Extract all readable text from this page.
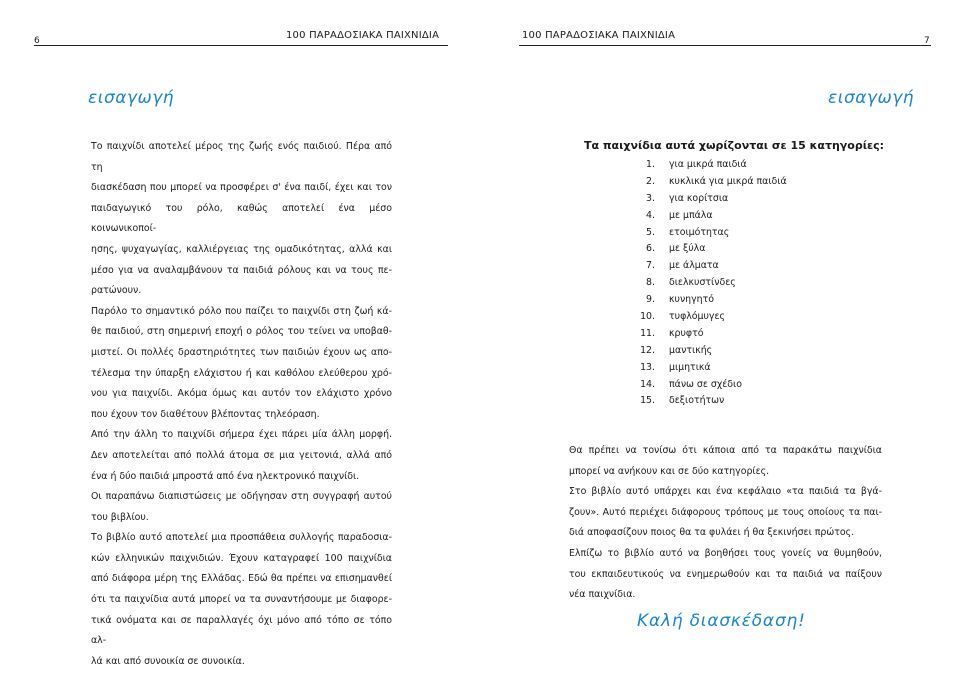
6	100 ΠΑΡΑΔΟΣΙΑΚΑ ΠΑΙΧΝΙΔΙΑ
εισαγωγή

Το παιχνίδι αποτελεί μέρος της ζωής ενός παιδιού. Πέρα από τη

διασκέδαση που μπορεί να προσφέρει σ' ένα παιδί, έχει και τον

παιδαγωγικό του ρόλο, καθώς αποτελεί ένα μέσο κοινωνικοποί-

ησης, ψυχαγωγίας, καλλιέργειας της ομαδικότητας, αλλά και

μέσο για να αναλαμβάνουν τα παιδιά ρόλους και να τους πε-

ρατώνουν.

Παρόλο το σημαντικό ρόλο που παίζει το παιχνίδι στη ζωή κά-

θε παιδιού, στη σημερινή εποχή ο ρόλος του τείνει να υποβαθ-

μιστεί. Οι πολλές δραστηριότητες των παιδιών έχουν ως απο-

τέλεσμα την ύπαρξη ελάχιστου ή και καθόλου ελεύθερου χρό-

νου για παιχνίδι. Ακόμα όμως και αυτόν τον ελάχιστο χρόνο

που έχουν τον διαθέτουν βλέποντας τηλεόραση.

Από την άλλη το παιχνίδι σήμερα έχει πάρει μία άλλη μορφή.

Δεν αποτελείται από πολλά άτομα σε μια γειτονιά, αλλά από

ένα ή δύο παιδιά μπροστά από ένα ηλεκτρονικό παιχνίδι.

Οι παραπάνω διαπιστώσεις με οδήγησαν στη συγγραφή αυτού

του βιβλίου.

Το βιβλίο αυτό αποτελεί μια προσπάθεια συλλογής παραδοσια-

κών ελληνικών παιχνιδιών. Έχουν καταγραφεί 100 παιχνίδια

από διάφορα μέρη της Ελλάδας. Εδώ θα πρέπει να επισημανθεί

ότι τα παιχνίδια αυτά μπορεί να τα συναντήσουμε με διαφορε-

τικά ονόματα και σε παραλλαγές όχι μόνο από τόπο σε τόπο αλ-

λά και από συνοικία σε συνοικία.

100 ΠΑΡΑΔΟΣΙΑΚΑ ΠΑΙΧΝΙΔΙΑ	7
εισαγωγή
Τα παιχνίδια αυτά χωρίζονται σε 15 κατηγορίες:
1. για μικρά παιδιά
2. κυκλικά για μικρά παιδιά
3. για κορίτσια
4. με μπάλα
5. ετοιμότητας
6. με ξύλα
7. με άλματα
8. διελκυστίνδες
9. κυνηγητό
10. τυφλόμυγες
11. κρυφτό
12. μαντικής
13. μιμητικά
14. πάνω σε σχέδιο
15. δεξιοτήτων

Θα πρέπει να τονίσω ότι κάποια από τα παρακάτω παιχνίδια

μπορεί να ανήκουν και σε δύο κατηγορίες.

Στο βιβλίο αυτό υπάρχει και ένα κεφάλαιο «τα παιδιά τα βγά-

ζουν». Αυτό περιέχει διάφορους τρόπους με τους οποίους τα παι-

διά αποφασίζουν ποιος θα τα φυλάει ή θα ξεκινήσει πρώτος.

Ελπίζω το βιβλίο αυτό να βοηθήσει τους γονείς να θυμηθούν,

του εκπαιδευτικούς να ενημερωθούν και τα παιδιά να παίξουν

νέα παιχνίδια.

Καλή διασκέδαση!
